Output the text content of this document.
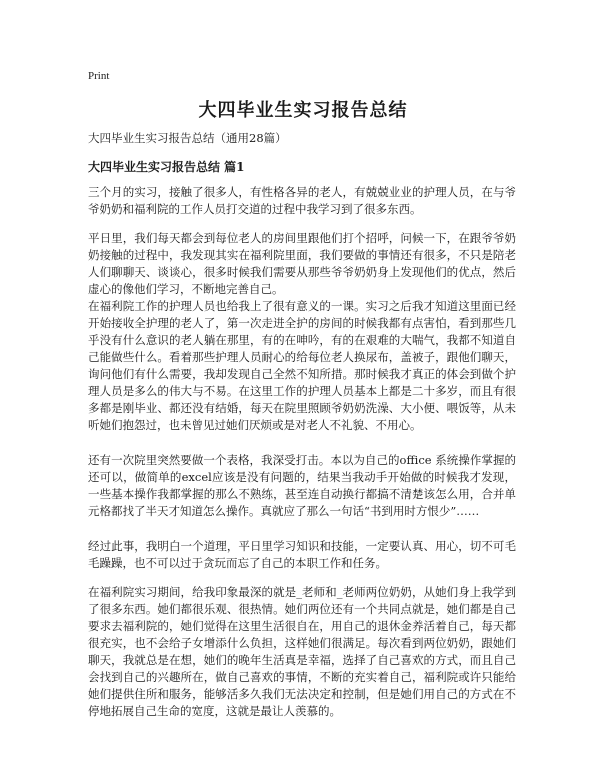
Print
大四毕业生实习报告总结
大四毕业生实习报告总结（通用28篇）
大四毕业生实习报告总结 篇1

三个月的实习，接触了很多人，有性格各异的老人，有兢兢业业的护理人员，在与爷爷奶奶和福利院的工作人员打交道的过程中我学习到了很多东西。

平日里，我们每天都会到每位老人的房间里跟他们打个招呼，问候一下，在跟爷爷奶奶接触的过程中，我发现其实在福利院里面，我们要做的事情还有很多，不只是陪老人们聊聊天、谈谈心，很多时候我们需要从那些爷爷奶奶身上发现他们的优点，然后虚心的像他们学习，不断地完善自己。

在福利院工作的护理人员也给我上了很有意义的一课。实习之后我才知道这里面已经开始接收全护理的老人了，第一次走进全护的房间的时候我都有点害怕，看到那些几乎没有什么意识的老人躺在那里，有的在呻吟，有的在艰难的大喘气，我都不知道自己能做些什么。看着那些护理人员耐心的给每位老人换尿布，盖被子，跟他们聊天，询问他们有什么需要，我却发现自己全然不知所措。那时候我才真正的体会到做个护理人员是多么的伟大与不易。在这里工作的护理人员基本上都是二十多岁，而且有很多都是刚毕业、都还没有结婚，每天在院里照顾爷奶奶洗澡、大小便、喂饭等，从未听她们抱怨过，也未曾见过她们厌烦或是对老人不礼貌、不用心。

还有一次院里突然要做一个表格，我深受打击。本以为自己的office 系统操作掌握的还可以，做简单的excel应该是没有问题的，结果当我动手开始做的时候我才发现，一些基本操作我都掌握的那么不熟练，甚至连自动换行都搞不清楚该怎么用，合并单元格都找了半天才知道怎么操作。真就应了那么一句话“书到用时方恨少”……

经过此事，我明白一个道理，平日里学习知识和技能，一定要认真、用心，切不可毛毛躁躁，也不可以过于贪玩而忘了自己的本职工作和任务。

在福利院实习期间，给我印象最深的就是_老师和_老师两位奶奶，从她们身上我学到了很多东西。她们都很乐观、很热情。她们两位还有一个共同点就是，她们都是自己要求去福利院的，她们觉得在这里生活很自在，用自己的退休金养活着自己，每天都很充实，也不会给子女增添什么负担，这样她们很满足。每次看到两位奶奶，跟她们聊天，我就总是在想，她们的晚年生活真是幸福，选择了自己喜欢的方式，而且自己会找到自己的兴趣所在，做自己喜欢的事情，不断的充实着自己，福利院或许只能给她们提供住所和服务，能够活多久我们无法决定和控制，但是她们用自己的方式在不停地拓展自己生命的宽度，这就是最让人羡慕的。
